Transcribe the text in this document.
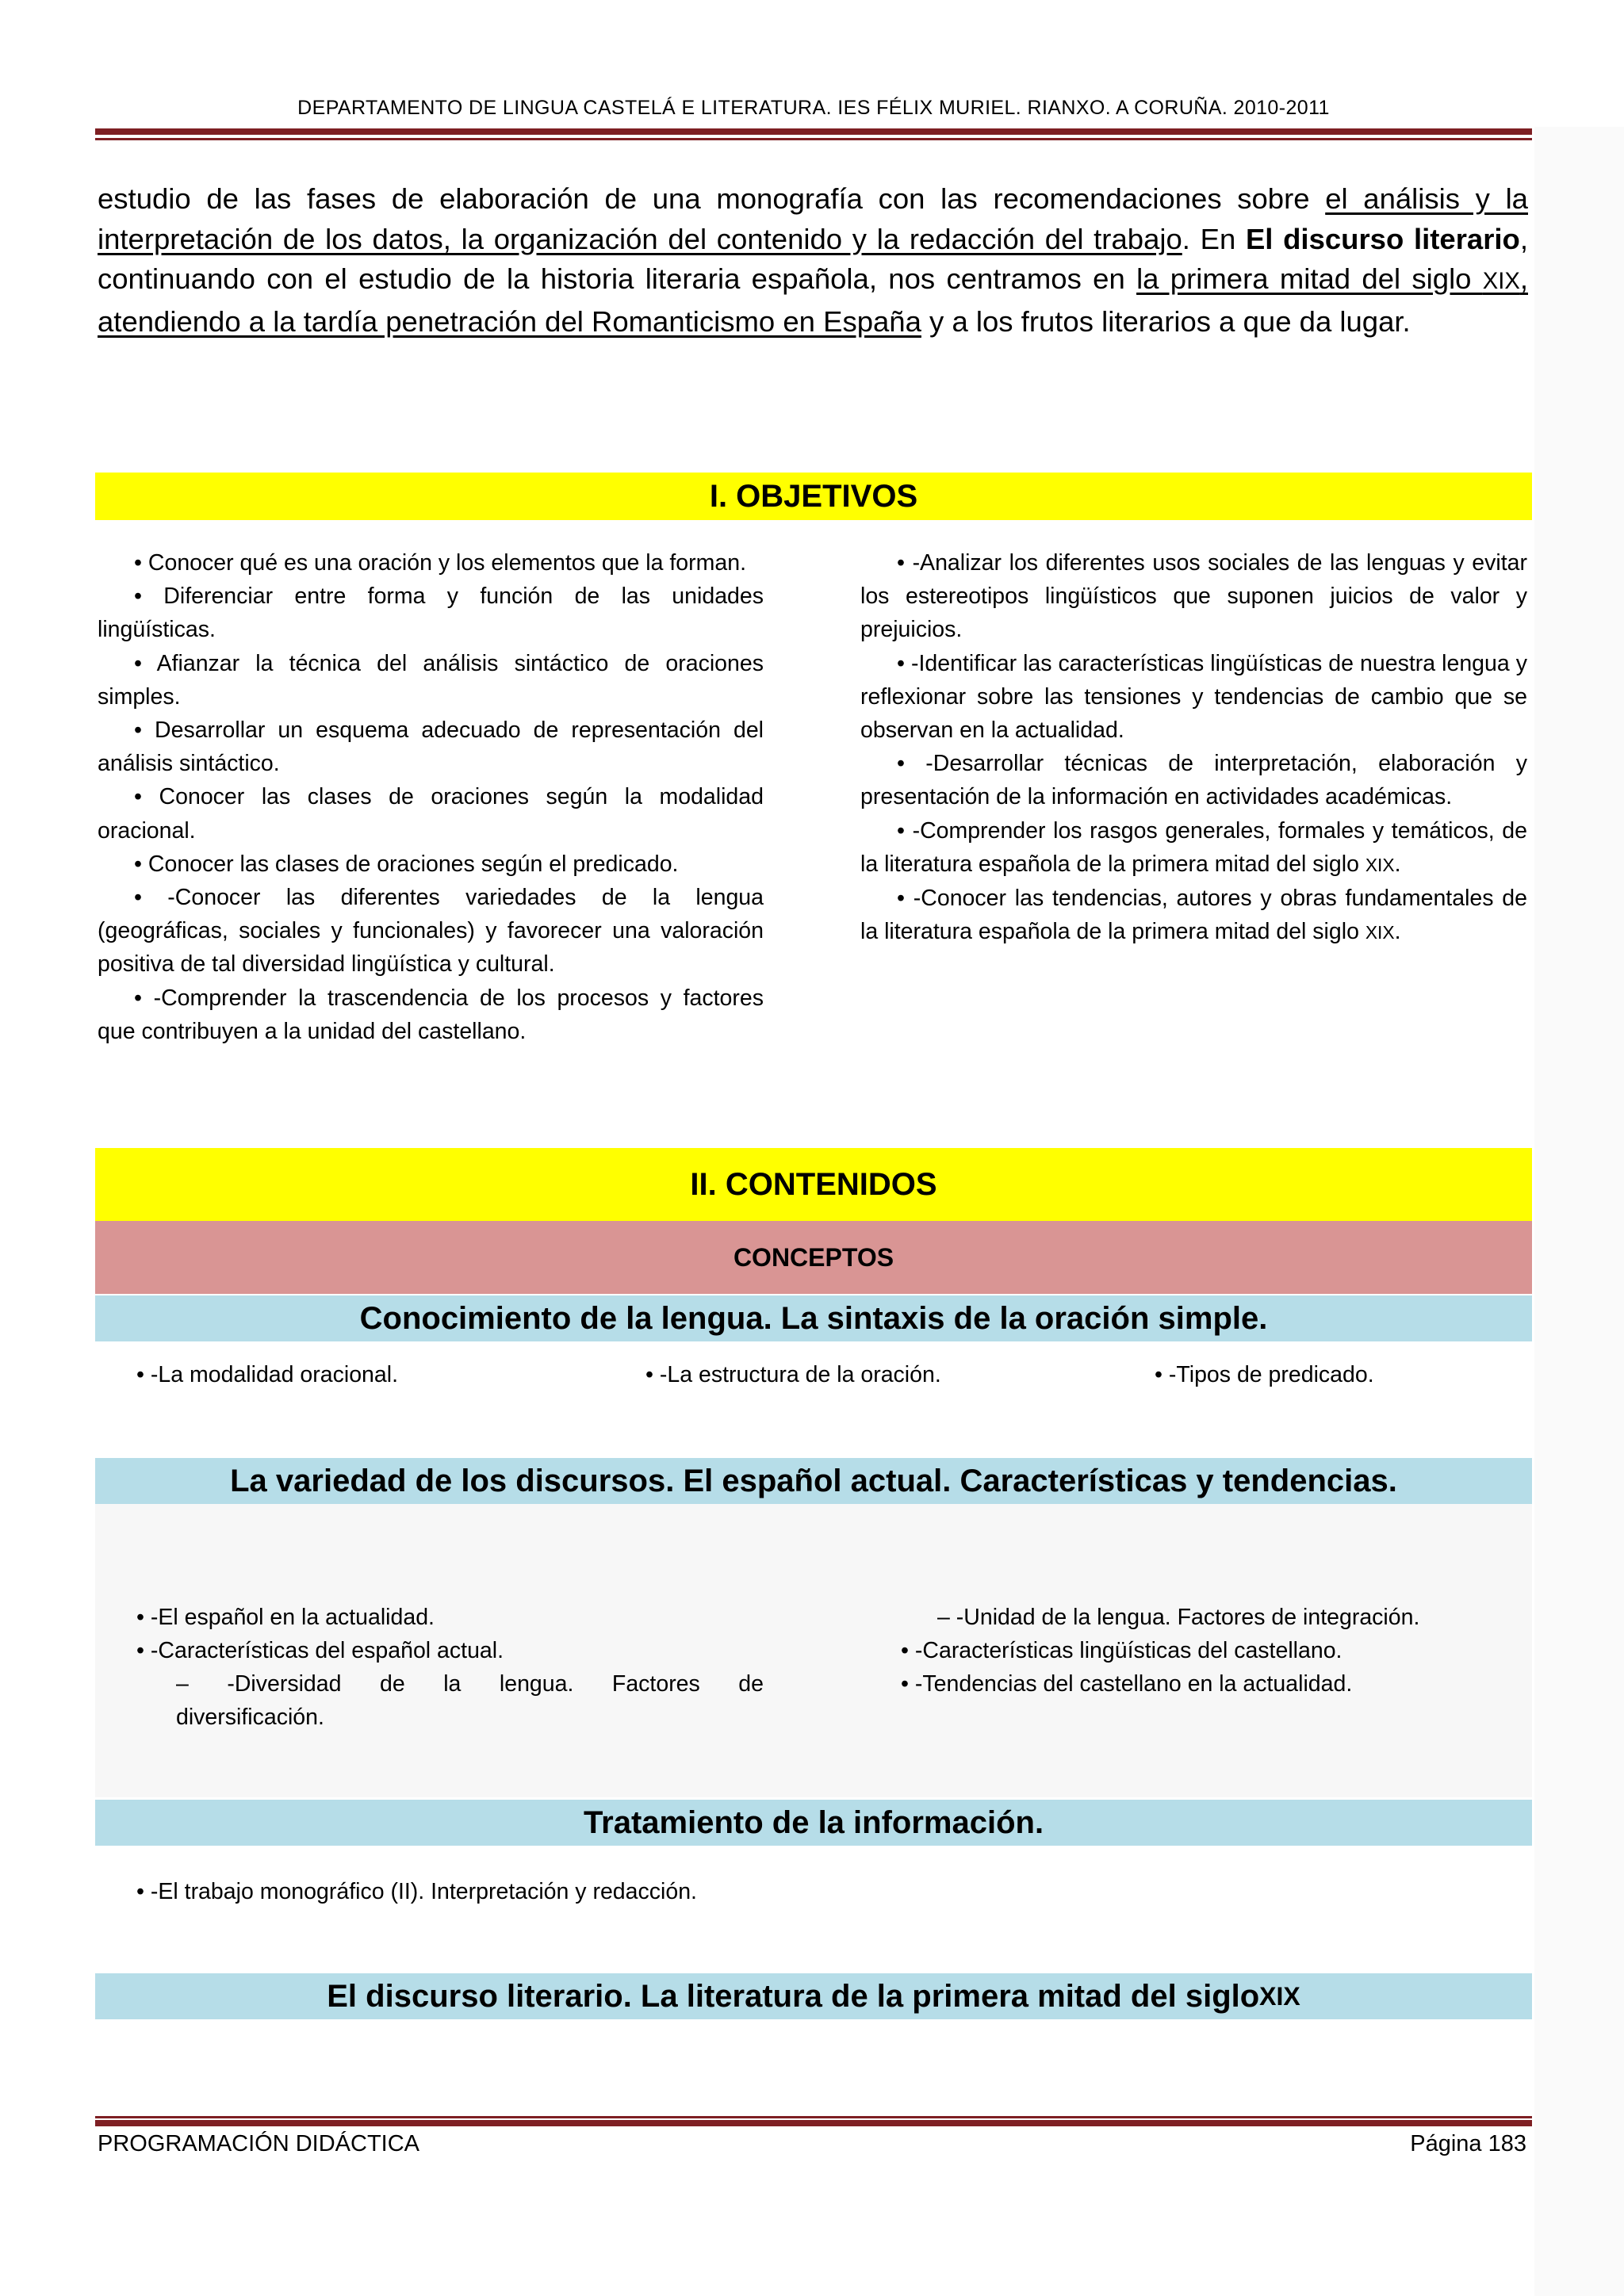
DEPARTAMENTO DE LINGUA CASTELÁ E LITERATURA. IES FÉLIX MURIEL. RIANXO. A CORUÑA. 2010-2011
estudio de las fases de elaboración de una monografía con las recomendaciones sobre el análisis y la interpretación de los datos, la organización del contenido y la redacción del trabajo. En El discurso literario, continuando con el estudio de la historia literaria española, nos centramos en la primera mitad del siglo XIX, atendiendo a la tardía penetración del Romanticismo en España y a los frutos literarios a que da lugar.
I. OBJETIVOS

• Conocer qué es una oración y los elementos que la forman.

• Diferenciar entre forma y función de las unidades lingüísticas.

• Afianzar la técnica del análisis sintáctico de oraciones simples.

• Desarrollar un esquema adecuado de representación del análisis sintáctico.

• Conocer las clases de oraciones según la modalidad oracional.

• Conocer las clases de oraciones según el predicado.

• -Conocer las diferentes variedades de la lengua (geográficas, sociales y funcionales) y favorecer una valoración positiva de tal diversidad lingüística y cultural.

• -Comprender la trascendencia de los procesos y factores que contribuyen a la unidad del castellano.

• -Analizar los diferentes usos sociales de las lenguas y evitar los estereotipos lingüísticos que suponen juicios de valor y prejuicios.

• -Identificar las características lingüísticas de nuestra lengua y reflexionar sobre las tensiones y tendencias de cambio que se observan en la actualidad.

• -Desarrollar técnicas de interpretación, elaboración y presentación de la información en actividades académicas.

• -Comprender los rasgos generales, formales y temáticos, de la literatura española de la primera mitad del siglo XIX.

• -Conocer las tendencias, autores y obras fundamentales de la literatura española de la primera mitad del siglo XIX.

II. CONTENIDOS
CONCEPTOS
Conocimiento de la lengua. La sintaxis de la oración simple.
• -La modalidad oracional.	• -La estructura de la oración.	• -Tipos de predicado.
La variedad de los discursos. El español actual. Características y tendencias.
• -El español en la actualidad.
• -Características del español actual.
– -Diversidad de la lengua. Factores de
diversificación.
– -Unidad de la lengua. Factores de integración.
• -Características lingüísticas del castellano.
• -Tendencias del castellano en la actualidad.
Tratamiento de la información.
• -El trabajo monográfico (II). Interpretación y redacción.
El discurso literario. La literatura de la primera mitad del siglo XIX
PROGRAMACIÓN DIDÁCTICA	Página 183
